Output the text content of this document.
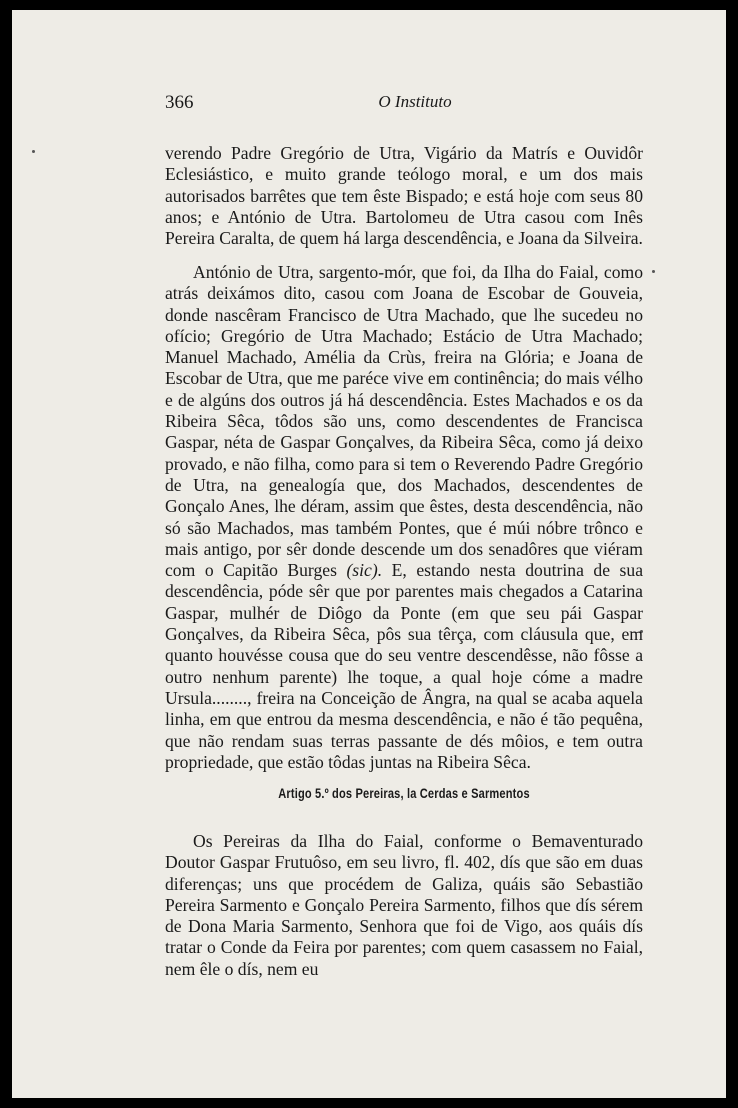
366	O Instituto

verendo Padre Gregório de Utra, Vigário da Matrís e Ouvidôr Eclesiástico, e muito grande teólogo moral, e um dos mais autorisados barrêtes que tem êste Bispado; e está hoje com seus 80 anos; e António de Utra. Bartolomeu de Utra casou com Inês Pereira Caralta, de quem há larga descendência, e Joana da Silveira.

António de Utra, sargento-mór, que foi, da Ilha do Faial, como atrás deixámos dito, casou com Joana de Escobar de Gouveia, donde nascêram Francisco de Utra Machado, que lhe sucedeu no ofício; Gregório de Utra Machado; Estácio de Utra Machado; Manuel Machado, Amélia da Crùs, freira na Glória; e Joana de Escobar de Utra, que me paréce vive em continência; do mais vélho e de algúns dos outros já há descendência. Estes Machados e os da Ribeira Sêca, tôdos são uns, como descendentes de Francisca Gaspar, néta de Gaspar Gonçalves, da Ribeira Sêca, como já deixo provado, e não filha, como para si tem o Reverendo Padre Gregório de Utra, na genealogía que, dos Machados, descendentes de Gonçalo Anes, lhe déram, assim que êstes, desta descendência, não só são Machados, mas também Pontes, que é múi nóbre trônco e mais antigo, por sêr donde descende um dos senadôres que viéram com o Capitão Burges (sic). E, estando nesta doutrina de sua descendência, póde sêr que por parentes mais chegados a Catarina Gaspar, mulhér de Diôgo da Ponte (em que seu pái Gaspar Gonçalves, da Ribeira Sêca, pôs sua têrça, com cláusula que, em quanto houvésse cousa que do seu ventre descendêsse, não fôsse a outro nenhum parente) lhe toque, a qual hoje cóme a madre Ursula........, freira na Conceição de Ângra, na qual se acaba aquela linha, em que entrou da mesma descendência, e não é tão pequêna, que não rendam suas terras passante de dés môios, e tem outra propriedade, que estão tôdas juntas na Ribeira Sêca.

Artigo 5.º dos Pereiras, la Cerdas e Sarmentos

Os Pereiras da Ilha do Faial, conforme o Bemaventurado Doutor Gaspar Frutuôso, em seu livro, fl. 402, dís que são em duas diferenças; uns que procédem de Galiza, quáis são Sebastião Pereira Sarmento e Gonçalo Pereira Sarmento, filhos que dís sérem de Dona Maria Sarmento, Senhora que foi de Vigo, aos quáis dís tratar o Conde da Feira por parentes; com quem casassem no Faial, nem êle o dís, nem eu
